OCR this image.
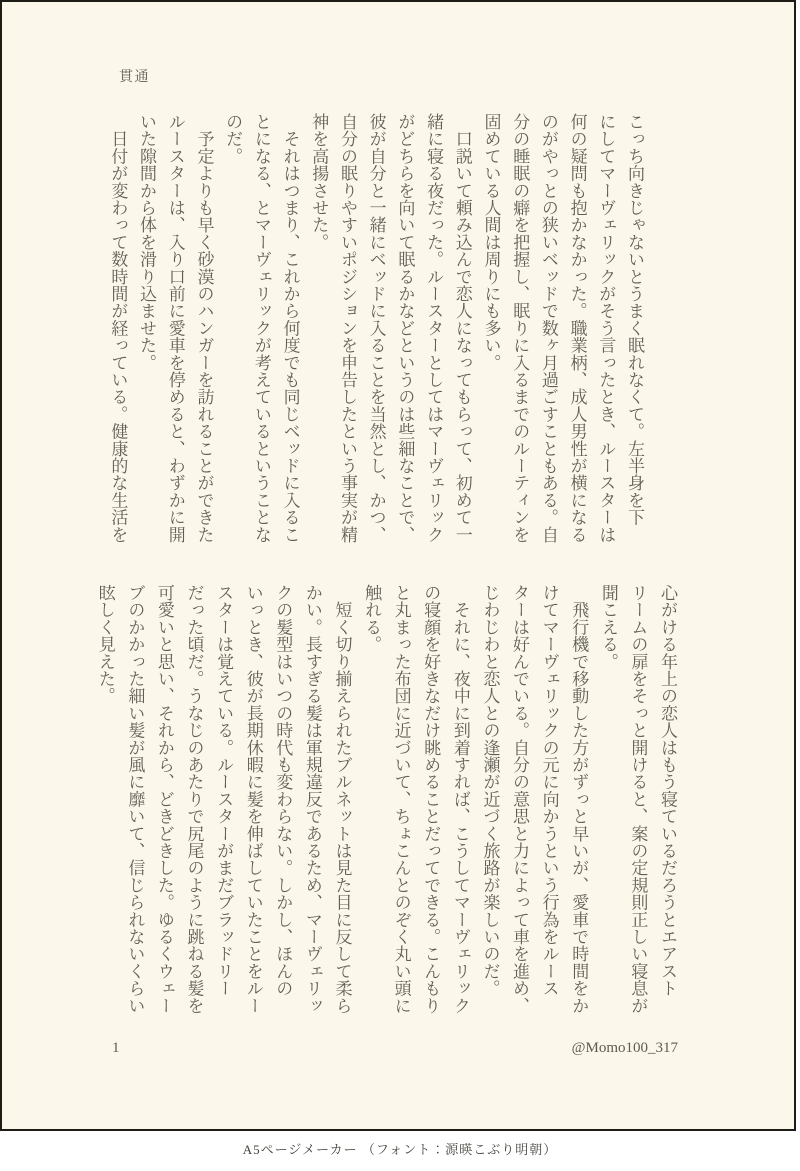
貫通
こっち向きじゃないとうまく眠れなくて。左半身を下
にしてマーヴェリックがそう言ったとき、ルースターは
何の疑問も抱かなかった。職業柄、成人男性が横になる
のがやっとの狭いベッドで数ヶ月過ごすこともある。自
分の睡眠の癖を把握し、眠りに入るまでのルーティンを
固めている人間は周りにも多い。
　口説いて頼み込んで恋人になってもらって、初めて一
緒に寝る夜だった。ルースターとしてはマーヴェリック
がどちらを向いて眠るかなどというのは些細なことで、
彼が自分と一緒にベッドに入ることを当然とし、かつ、
自分の眠りやすいポジションを申告したという事実が精
神を高揚させた。
　それはつまり、これから何度でも同じベッドに入るこ
とになる、とマーヴェリックが考えているということな
のだ。
　予定よりも早く砂漠のハンガーを訪れることができた
ルースターは、入り口前に愛車を停めると、わずかに開
いた隙間から体を滑り込ませた。
　日付が変わって数時間が経っている。健康的な生活を
心がける年上の恋人はもう寝ているだろうとエアスト
リームの扉をそっと開けると、案の定規則正しい寝息が
聞こえる。
　飛行機で移動した方がずっと早いが、愛車で時間をか
けてマーヴェリックの元に向かうという行為をルース
ターは好んでいる。自分の意思と力によって車を進め、
じわじわと恋人との逢瀬が近づく旅路が楽しいのだ。
　それに、夜中に到着すれば、こうしてマーヴェリック
の寝顔を好きなだけ眺めることだってできる。こんもり
と丸まった布団に近づいて、ちょこんとのぞく丸い頭に
触れる。
　短く切り揃えられたブルネットは見た目に反して柔ら
かい。長すぎる髪は軍規違反であるため、マーヴェリッ
クの髪型はいつの時代も変わらない。しかし、ほんの
いっとき、彼が長期休暇に髪を伸ばしていたことをルー
スターは覚えている。ルースターがまだブラッドリー
だった頃だ。うなじのあたりで尻尾のように跳ねる髪を
可愛いと思い、それから、どきどきした。ゆるくウェー
ブのかかった細い髪が風に靡いて、信じられないくらい
眩しく見えた。
1	@Momo100_317
A5ページメーカー （フォント：源暎こぶり明朝）
